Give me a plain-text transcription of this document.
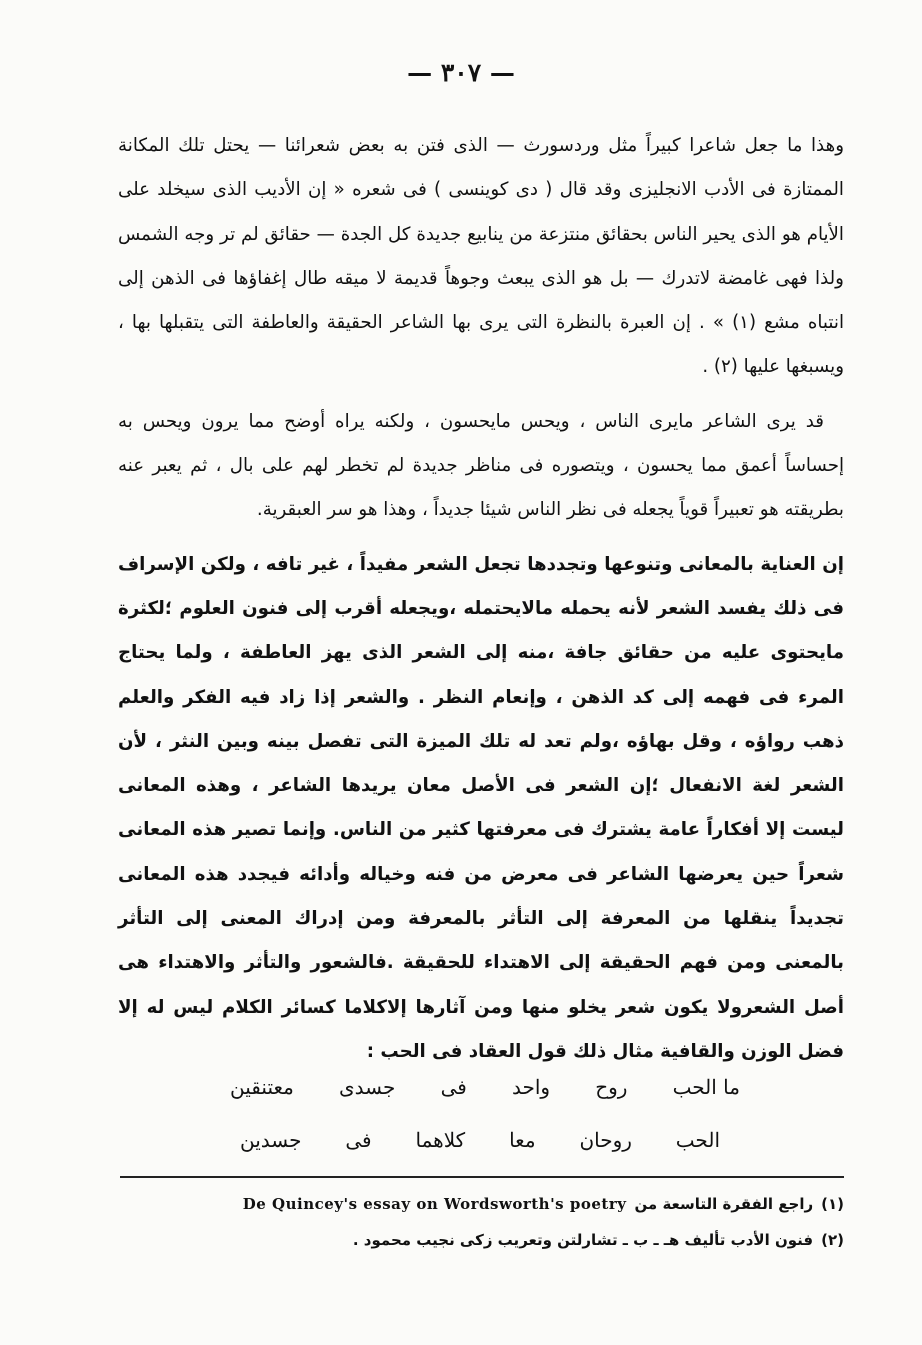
— ٣٠٧ —

وهذا ما جعل شاعرا كبيراً مثل وردسورث — الذى فتن به بعض شعرائنا — يحتل تلك المكانة الممتازة فى الأدب الانجليزى وقد قال ( دى كوينسى ) فى شعره « إن الأديب الذى سيخلد على الأيام هو الذى يحير الناس بحقائق منتزعة من ينابيع جديدة كل الجدة — حقائق لم تر وجه الشمس ولذا فهى غامضة لاتدرك — بل هو الذى يبعث وجوهاً قديمة لا ميقه طال إغفاؤها فى الذهن إلى انتباه مشع (١) » . إن العبرة بالنظرة التى يرى بها الشاعر الحقيقة والعاطفة التى يتقبلها بها ، ويسبغها عليها (٢) .

قد يرى الشاعر مايرى الناس ، ويحس مايحسون ، ولكنه يراه أوضح مما يرون ويحس به إحساساً أعمق مما يحسون ، ويتصوره فى مناظر جديدة لم تخطر لهم على بال ، ثم يعبر عنه بطريقته هو تعبيراً قوياً يجعله فى نظر الناس شيئا جديداً ، وهذا هو سر العبقرية.

إن العناية بالمعانى وتنوعها وتجددها تجعل الشعر مفيداً ، غير تافه ، ولكن الإسراف فى ذلك يفسد الشعر لأنه يحمله مالايحتمله ،ويجعله أقرب إلى فنون العلوم ؛لكثرة مايحتوى عليه من حقائق جافة ،منه إلى الشعر الذى يهز العاطفة ، ولما يحتاج المرء فى فهمه إلى كد الذهن ، وإنعام النظر . والشعر إذا زاد فيه الفكر والعلم ذهب رواؤه ، وقل بهاؤه ،ولم تعد له تلك الميزة التى تفصل بينه وبين النثر ، لأن الشعر لغة الانفعال ؛إن الشعر فى الأصل معان يريدها الشاعر ، وهذه المعانى ليست إلا أفكاراً عامة يشترك فى معرفتها كثير من الناس. وإنما تصير هذه المعانى شعراً حين يعرضها الشاعر فى معرض من فنه وخياله وأدائه فيجدد هذه المعانى تجديداً ينقلها من المعرفة إلى التأثر بالمعرفة ومن إدراك المعنى إلى التأثر بالمعنى ومن فهم الحقيقة إلى الاهتداء للحقيقة .فالشعور والتأثر والاهتداء هى أصل الشعرولا يكون شعر يخلو منها ومن آثارها إلاكلاما كسائر الكلام ليس له إلا فضل الوزن والقافية مثال ذلك قول العقاد فى الحب :

ما الحب
روح
واحد
فى
جسدى
معتنقين
الحب
روحان
معا
كلاهما
فى
جسدين
(١)
راجع الفقرة التاسعة من
De Quincey's essay on Wordsworth's poetry
(٢)
فنون الأدب تأليف هـ ـ ب ـ تشارلتن وتعريب زكى نجيب محمود .
